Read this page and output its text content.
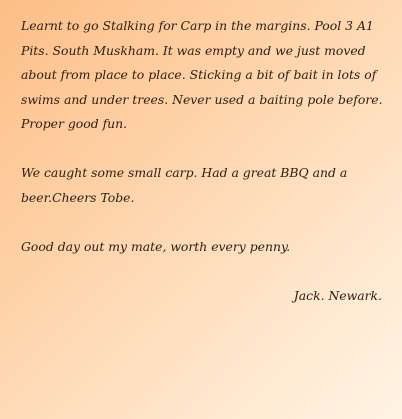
Learnt to go Stalking for Carp in the margins. Pool 3 A1 Pits. South Muskham. It was empty and we just moved about from place to place. Sticking a bit of bait in lots of swims and under trees. Never used a baiting pole before. Proper good fun.

We caught some small carp. Had a great BBQ and a
beer.Cheers Tobe.

Good day out my mate, worth every penny.

Jack. Newark.
